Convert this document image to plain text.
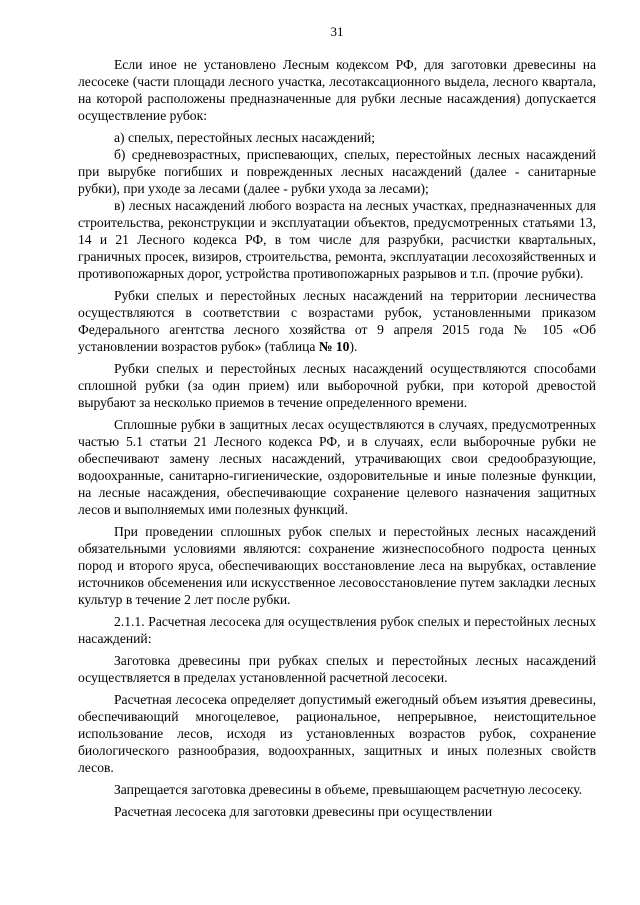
31

Если иное не установлено Лесным кодексом РФ, для заготовки древесины на лесосеке (части площади лесного участка, лесотаксационного выдела, лесного квартала, на которой расположены предназначенные для рубки лесные насаждения) допускается осуществление рубок:

а) спелых, перестойных лесных насаждений;

б) средневозрастных, приспевающих, спелых, перестойных лесных насаждений при вырубке погибших и поврежденных лесных насаждений (далее - санитарные рубки), при уходе за лесами (далее - рубки ухода за лесами);

в) лесных насаждений любого возраста на лесных участках, предназначенных для строительства, реконструкции и эксплуатации объектов, предусмотренных статьями 13, 14 и 21 Лесного кодекса РФ, в том числе для разрубки, расчистки квартальных, граничных просек, визиров, строительства, ремонта, эксплуатации лесохозяйственных и противопожарных дорог, устройства противопожарных разрывов и т.п. (прочие рубки).

Рубки спелых и перестойных лесных насаждений на территории лесничества осуществляются в соответствии с возрастами рубок, установленными приказом Федерального агентства лесного хозяйства от 9 апреля 2015 года № 105 «Об установлении возрастов рубок» (таблица № 10).

Рубки спелых и перестойных лесных насаждений осуществляются способами сплошной рубки (за один прием) или выборочной рубки, при которой древостой вырубают за несколько приемов в течение определенного времени.

Сплошные рубки в защитных лесах осуществляются в случаях, предусмотренных частью 5.1 статьи 21 Лесного кодекса РФ, и в случаях, если выборочные рубки не обеспечивают замену лесных насаждений, утрачивающих свои средообразующие, водоохранные, санитарно-гигиенические, оздоровительные и иные полезные функции, на лесные насаждения, обеспечивающие сохранение целевого назначения защитных лесов и выполняемых ими полезных функций.

При проведении сплошных рубок спелых и перестойных лесных насаждений обязательными условиями являются: сохранение жизнеспособного подроста ценных пород и второго яруса, обеспечивающих восстановление леса на вырубках, оставление источников обсеменения или искусственное лесовосстановление путем закладки лесных культур в течение 2 лет после рубки.

2.1.1. Расчетная лесосека для осуществления рубок спелых и перестойных лесных насаждений:

Заготовка древесины при рубках спелых и перестойных лесных насаждений осуществляется в пределах установленной расчетной лесосеки.

Расчетная лесосека определяет допустимый ежегодный объем изъятия древесины, обеспечивающий многоцелевое, рациональное, непрерывное, неистощительное использование лесов, исходя из установленных возрастов рубок, сохранение биологического разнообразия, водоохранных, защитных и иных полезных свойств лесов.

Запрещается заготовка древесины в объеме, превышающем расчетную лесосеку.

Расчетная лесосека для заготовки древесины при осуществлении
